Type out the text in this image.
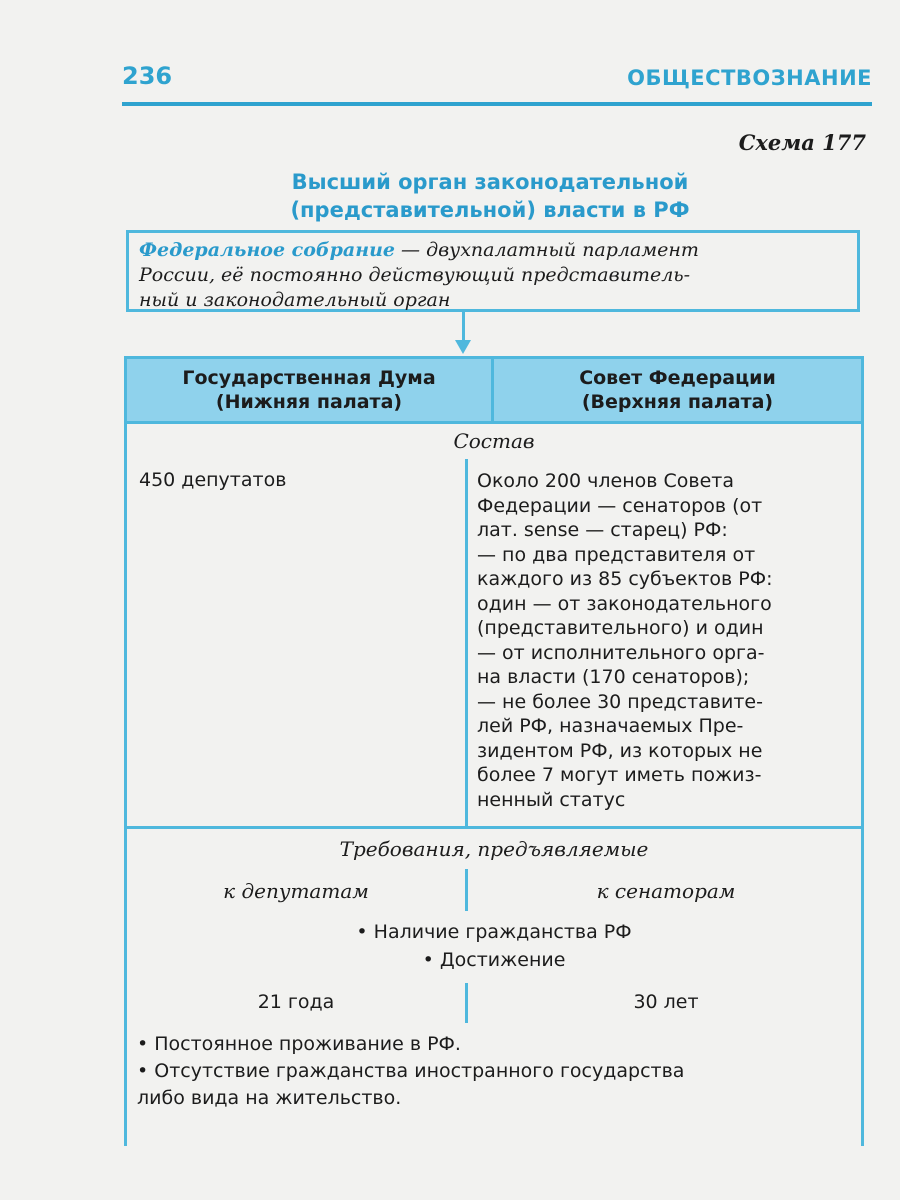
236	ОБЩЕСТВОЗНАНИЕ
Схема 177
Высший орган законодательной
(представительной) власти в РФ
Федеральное собрание — двухпалатный парламент
России, её постоянно действующий представитель-
ный и законодательный орган
Государственная Дума
(Нижняя палата)
Совет Федерации
(Верхняя палата)
Состав
450 депутатов	Около 200 членов Совета
Федерации — сенаторов (от
лат. sense — старец) РФ:
— по два представителя от
каждого из 85 субъектов РФ:
один — от законодательного
(представительного) и один
— от исполнительного орга-
на власти (170 сенаторов);
— не более 30 представите-
лей РФ, назначаемых Пре-
зидентом РФ, из которых не
более 7 могут иметь пожиз-
ненный статус
Требования, предъявляемые
к депутатам	к сенаторам
• Наличие гражданства РФ
• Достижение
21 года	30 лет
• Постоянное проживание в РФ.
• Отсутствие гражданства иностранного государства
либо вида на жительство.
